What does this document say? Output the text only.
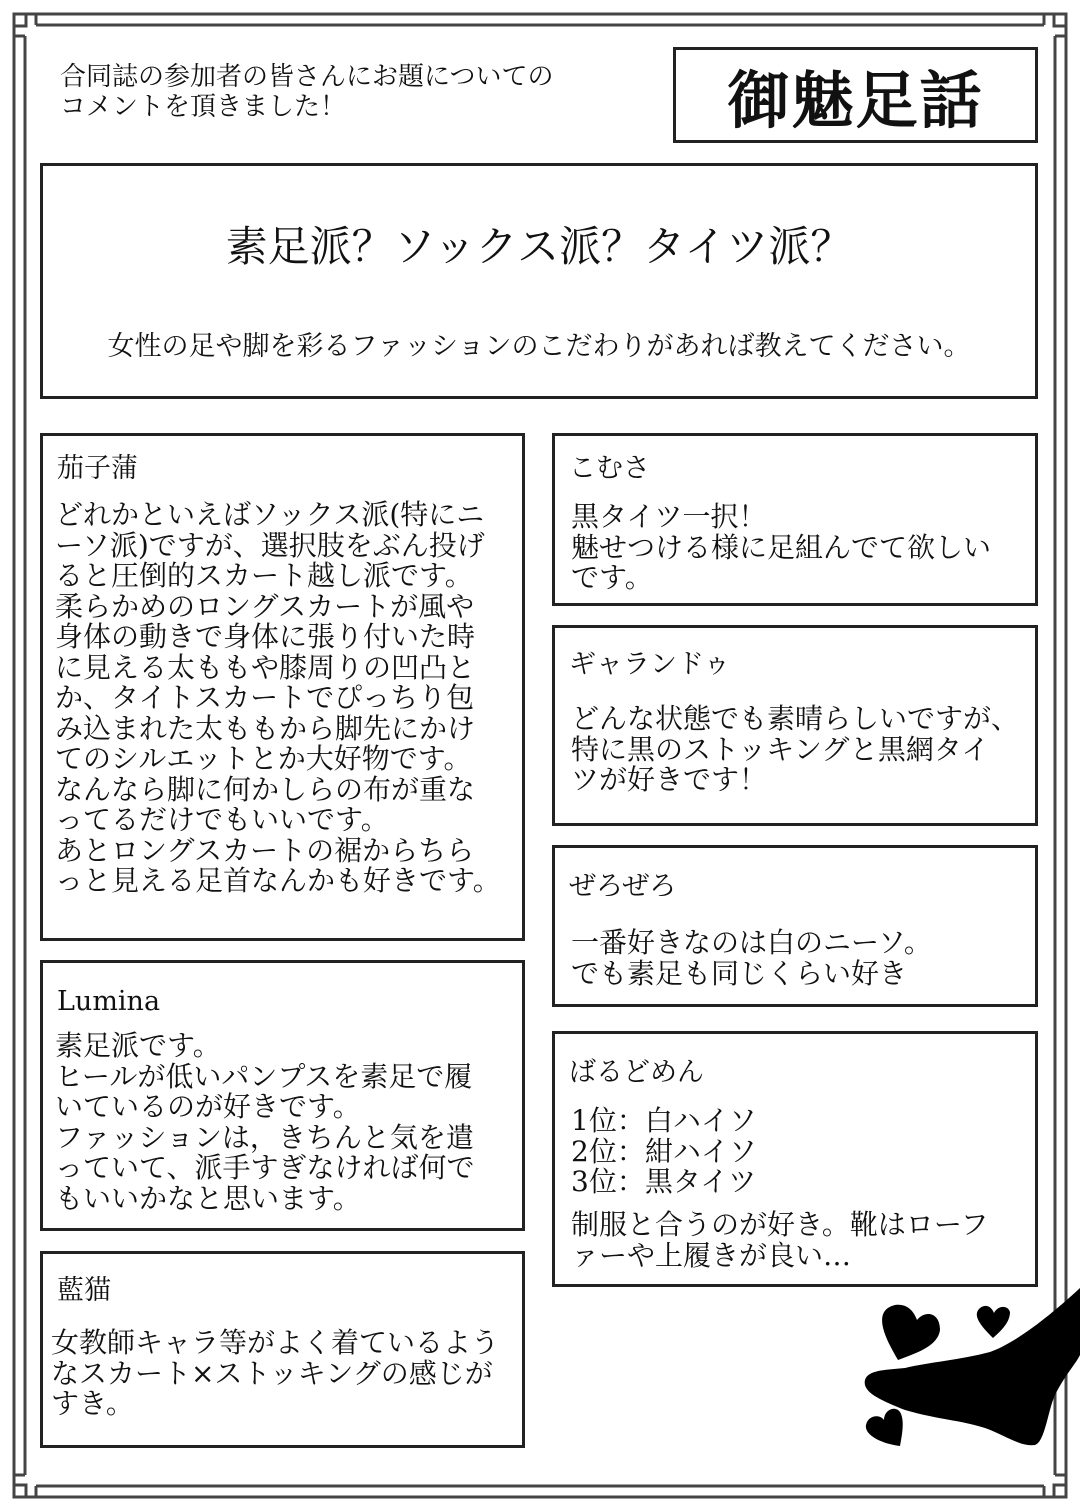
合同誌の参加者の皆さんにお題についての
コメントを頂きました！	御魅足話
素足派？ソックス派？タイツ派？
女性の足や脚を彩るファッションのこだわりがあれば教えてください。
茄子蒲
どれかといえばソックス派(特にニ
ーソ派)ですが、選択肢をぶん投げ
ると圧倒的スカート越し派です。
柔らかめのロングスカートが風や
身体の動きで身体に張り付いた時
に見える太ももや膝周りの凹凸と
か、タイトスカートでぴっちり包
み込まれた太ももから脚先にかけ
てのシルエットとか大好物です。
なんなら脚に何かしらの布が重な
ってるだけでもいいです。
あとロングスカートの裾からちら
っと見える足首なんかも好きです。
Lumina
素足派です。
ヒールが低いパンプスを素足で履
いているのが好きです。
ファッションは，きちんと気を遣
っていて、派手すぎなければ何で
もいいかなと思います。
藍猫
女教師キャラ等がよく着ているよう
なスカート×ストッキングの感じが
すき。
こむさ
黒タイツ一択！
魅せつける様に足組んでて欲しい
です。
ギャランドゥ
どんな状態でも素晴らしいですが、
特に黒のストッキングと黒網タイ
ツが好きです！
ぜろぜろ
一番好きなのは白のニーソ。
でも素足も同じくらい好き
ばるどめん
1位：白ハイソ
2位：紺ハイソ
3位：黒タイツ
制服と合うのが好き。靴はローフ
ァーや上履きが良い…
